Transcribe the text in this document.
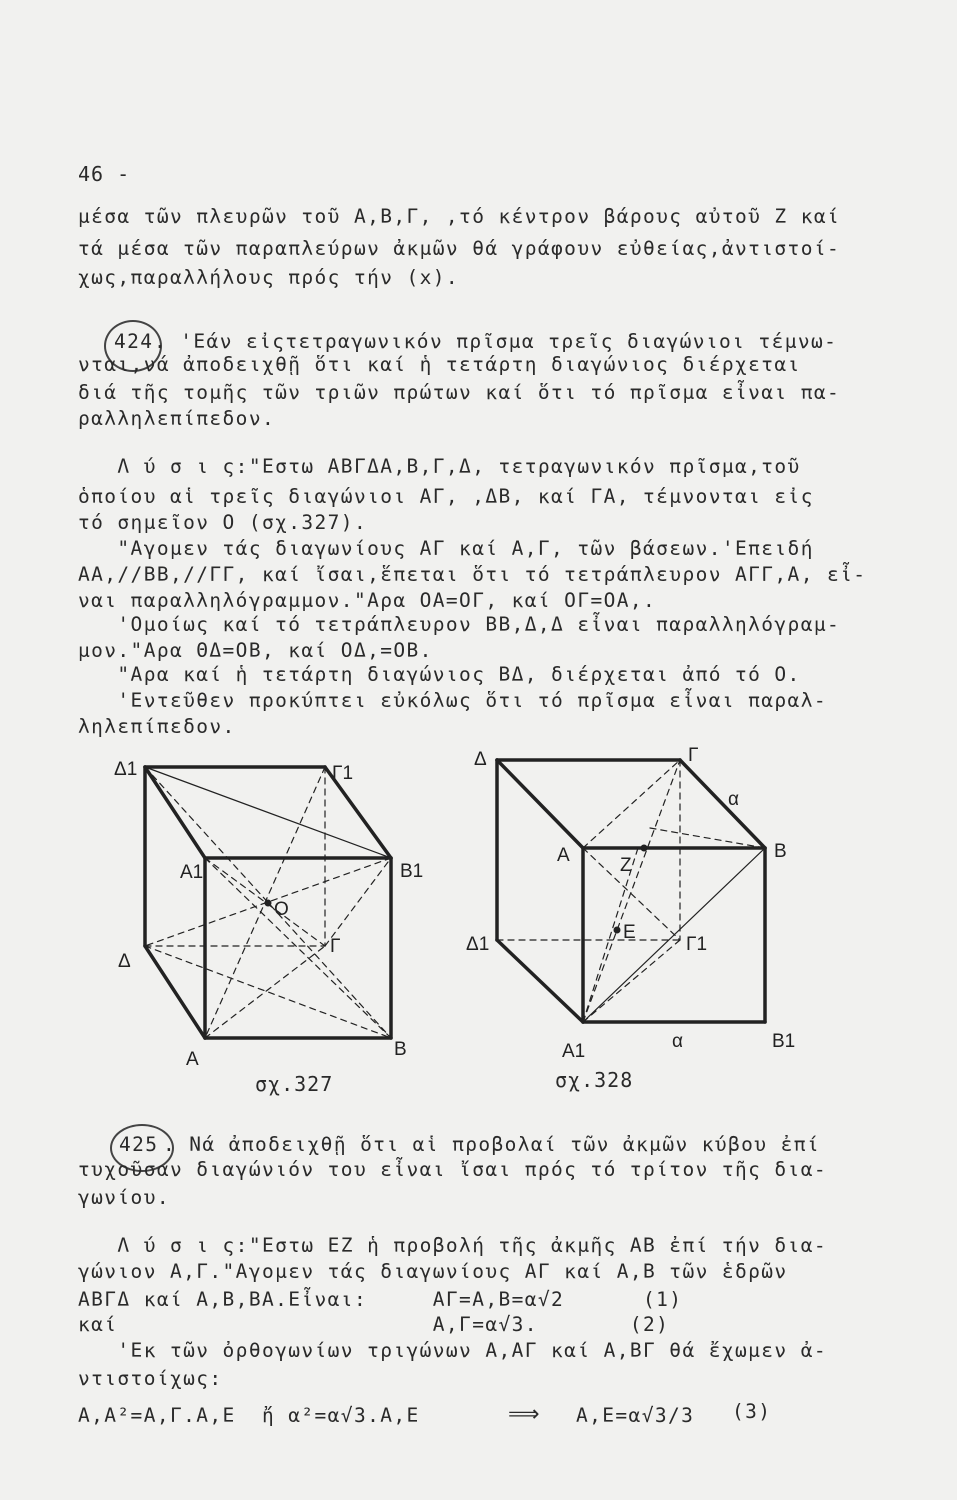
46 -
μέσα τῶν πλευρῶν τοῦ Α,Β,Γ, ,τό κέντρον βάρους αὐτοῦ Ζ καί
τά μέσα τῶν παραπλεύρων ἀκμῶν θά γράφουν εὐθείας,ἀντιστοί-
χως,παραλλήλους πρός τήν (x).
424 . 'Εάν εἰςτετραγωνικόν πρῖσμα τρεῖς διαγώνιοι τέμνω-
νται,νά ἀποδειχθῇ ὅτι καί ἡ τετάρτη διαγώνιος διέρχεται
διά τῆς τομῆς τῶν τριῶν πρώτων καί ὅτι τό πρῖσμα εἶναι πα-
ραλληλεπίπεδον.
Λ ύ σ ι ς:"Εστω ΑΒΓΔΑ,Β,Γ,Δ, τετραγωνικόν πρῖσμα,τοῦ
ὁποίου αἱ τρεῖς διαγώνιοι ΑΓ, ,ΔΒ, καί ΓΑ, τέμνονται εἰς
τό σημεῖον Ο (σχ.327).
"Αγομεν τάς διαγωνίους ΑΓ καί Α,Γ, τῶν βάσεων.'Επειδή
ΑΑ,//ΒΒ,//ΓΓ, καί ἴσαι,ἕπεται ὅτι τό τετράπλευρον ΑΓΓ,Α, εἶ-
ναι παραλληλόγραμμον."Αρα ΟΑ=ΟΓ, καί ΟΓ=ΟΑ,.
'Ομοίως καί τό τετράπλευρον ΒΒ,Δ,Δ εἶναι παραλληλόγραμ-
μον."Αρα ΘΔ=ΟΒ, καί ΟΔ,=ΟΒ.
"Αρα καί ἡ τετάρτη διαγώνιος ΒΔ, διέρχεται ἀπό τό Ο.
'Εντεῦθεν προκύπτει εὐκόλως ὅτι τό πρῖσμα εἶναι παραλ-
ληλεπίπεδον.
Δ1	Γ1
A1	B1
O
Δ
Γ
A	B
σχ.327
Δ	Γ
α
A	Z
B
Δ1
E
Γ1
A1	α	B1
σχ.328
425 . Νά ἀποδειχθῇ ὅτι αἱ προβολαί τῶν ἀκμῶν κύβου ἐπί
τυχοῦσαν διαγώνιόν του εἶναι ἴσαι πρός τό τρίτον τῆς δια-
γωνίου.
Λ ύ σ ι ς:"Εστω ΕΖ ἡ προβολή τῆς ἀκμῆς ΑΒ ἐπί τήν δια-
γώνιον Α,Γ."Αγομεν τάς διαγωνίους ΑΓ καί Α,Β τῶν ἑδρῶν
ΑΒΓΔ καί Α,Β,ΒΑ.Εἶναι:     ΑΓ=Α,Β=α√2      (1)
καί                        Α,Γ=α√3.       (2)
'Εκ τῶν ὀρθογωνίων τριγώνων Α,ΑΓ καί Α,ΒΓ θά ἔχωμεν ἀ-
ντιστοίχως:
Α,Α²=Α,Γ.Α,Ε  ἤ α²=α√3.Α,Ε	⟹ Α,Ε=α√3/3 (3)
